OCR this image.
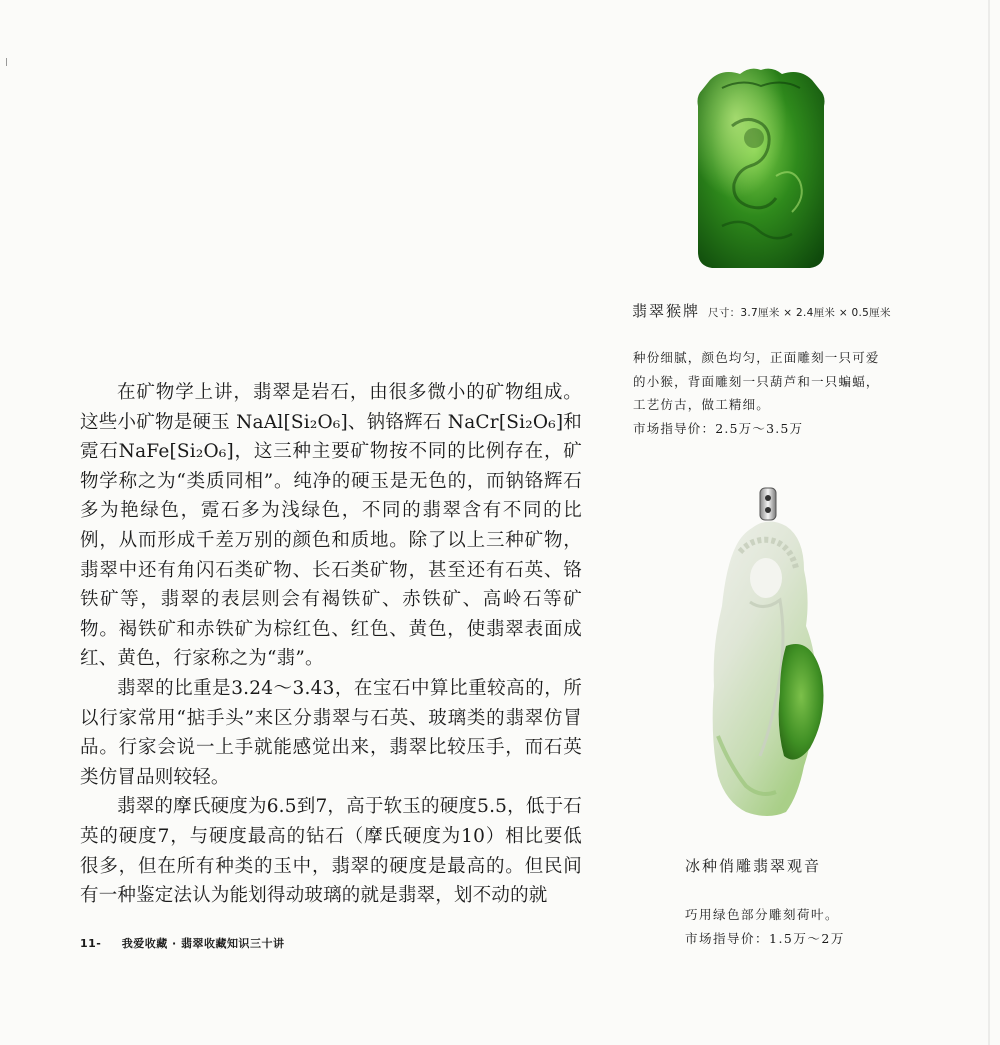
在矿物学上讲，翡翠是岩石，由很多微小的矿物组成。这些小矿物是硬玉 NaAl[Si₂O₆]、钠铬辉石 NaCr[Si₂O₆]和霓石NaFe[Si₂O₆]，这三种主要矿物按不同的比例存在，矿物学称之为“类质同相”。纯净的硬玉是无色的，而钠铬辉石多为艳绿色，霓石多为浅绿色，不同的翡翠含有不同的比例，从而形成千差万别的颜色和质地。除了以上三种矿物，翡翠中还有角闪石类矿物、长石类矿物，甚至还有石英、铬铁矿等，翡翠的表层则会有褐铁矿、赤铁矿、高岭石等矿物。褐铁矿和赤铁矿为棕红色、红色、黄色，使翡翠表面成红、黄色，行家称之为“翡”。

翡翠的比重是3.24～3.43，在宝石中算比重较高的，所以行家常用“掂手头”来区分翡翠与石英、玻璃类的翡翠仿冒品。行家会说一上手就能感觉出来，翡翠比较压手，而石英类仿冒品则较轻。

翡翠的摩氏硬度为6.5到7，高于软玉的硬度5.5，低于石英的硬度7，与硬度最高的钻石（摩氏硬度为10）相比要低很多，但在所有种类的玉中，翡翠的硬度是最高的。但民间有一种鉴定法认为能划得动玻璃的就是翡翠，划不动的就

11- 我爱收藏 · 翡翠收藏知识三十讲
翡翠猴牌 尺寸：3.7厘米 × 2.4厘米 × 0.5厘米
种份细腻，颜色均匀，正面雕刻一只可爱
的小猴，背面雕刻一只葫芦和一只蝙蝠，
工艺仿古，做工精细。
市场指导价：2.5万～3.5万
冰种俏雕翡翠观音
巧用绿色部分雕刻荷叶。
市场指导价：1.5万～2万
